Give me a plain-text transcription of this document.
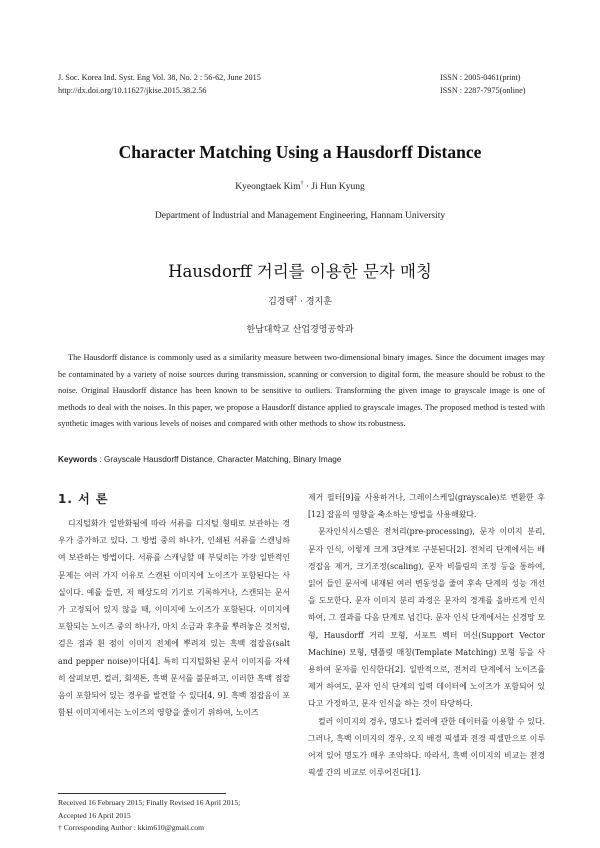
J. Soc. Korea Ind. Syst. Eng Vol. 38, No. 2 : 56-62, June 2015
http://dx.doi.org/10.11627/jkise.2015.38.2.56
ISSN : 2005-0461(print)
ISSN : 2287-7975(online)
Character Matching Using a Hausdorff Distance
Kyeongtaek Kim† · Ji Hun Kyung
Department of Industrial and Management Engineering, Hannam University
Hausdorff 거리를 이용한 문자 매칭
김경택† · 경지훈
한남대학교 산업경영공학과

The Hausdorff distance is commonly used as a similarity measure between two-dimensional binary images. Since the document images may be contaminated by a variety of noise sources during transmission, scanning or conversion to digital form, the measure should be robust to the noise. Original Hausdorff distance has been known to be sensitive to outliers. Transforming the given image to grayscale image is one of methods to deal with the noises. In this paper, we propose a Hausdorff distance applied to grayscale images. The proposed method is tested with synthetic images with various levels of noises and compared with other methods to show its robustness.

Keywords : Grayscale Hausdorff Distance, Character Matching, Binary Image
1. 서 론

디지털화가 일반화됨에 따라 서류를 디지털 형태로 보관하는 경우가 증가하고 있다. 그 방법 중의 하나가, 인쇄된 서류를 스캔닝하여 보관하는 방법이다. 서류를 스캐닝할 때 부딪히는 가장 일반적인 문제는 여러 가지 이유로 스캔된 이미지에 노이즈가 포함된다는 사실이다. 예를 들면, 저 해상도의 기기로 기록하거나, 스캔되는 문서가 고정되어 있지 않을 때, 이미지에 노이즈가 포함된다. 이미지에 포함되는 노이즈 중의 하나가, 마치 소금과 후추를 뿌려놓은 것처럼, 검은 점과 흰 점이 이미지 전체에 뿌려져 있는 흑백 점잡음(salt and pepper noise)이다[4]. 특히 디지털화된 문서 이미지를 자세히 살펴보면, 컬러, 회색톤, 흑백 문서를 불문하고, 이러한 흑백 점잡음이 포함되어 있는 경우를 발견할 수 있다[4, 9]. 흑백 점잡음이 포함된 이미지에서는 노이즈의 영향을 줄이기 위하여, 노이즈

제거 필터[9]를 사용하거나, 그레이스케일(grayscale)로 변환한 후[12] 잡음의 영향을 축소하는 방법을 사용해왔다.

문자인식시스템은 전처리(pre-processing), 문자 이미지 분리, 문자 인식, 이렇게 크게 3단계로 구분된다[2]. 전처리 단계에서는 배경잡음 제거, 크기조정(scaling), 문자 비틀림의 조정 등을 통하여, 읽어 들인 문서에 내재된 여러 변동성을 줄여 후속 단계의 성능 개선을 도모한다. 문자 이미지 분리 과정은 문자의 경계를 올바르게 인식하여, 그 결과를 다음 단계로 넘긴다. 문자 인식 단계에서는 신경망 모형, Hausdorff 거리 모형, 서포트 벡터 머신(Support Vector Machine) 모형, 템플릿 매칭(Template Matching) 모형 등을 사용하여 문자를 인식한다[2]. 일반적으로, 전처리 단계에서 노이즈를 제거 하여도, 문자 인식 단계의 입력 데이터에 노이즈가 포함되어 있다고 가정하고, 문자 인식을 하는 것이 타당하다.

컬러 이미지의 경우, 명도나 컬러에 관한 데이터를 이용할 수 있다. 그러나, 흑백 이미지의 경우, 오직 배경 픽셀과 전경 픽셀만으로 이루어져 있어 명도가 매우 조악하다. 따라서, 흑백 이미지의 비교는 전경 픽셀 간의 비교로 이루어진다[1].

Received 16 February 2015; Finally Revised 16 April 2015;
Accepted 16 April 2015
† Corresponding Author : kkim610@gmail.com
